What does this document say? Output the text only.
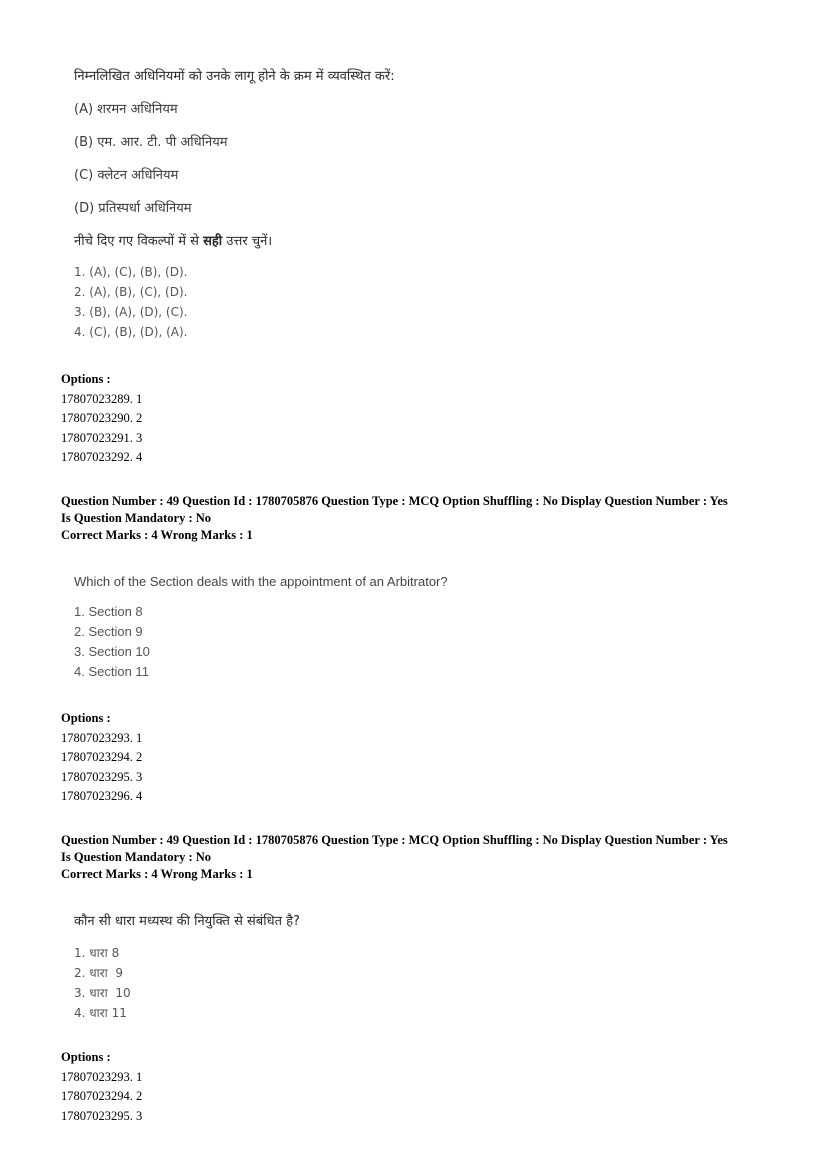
निम्नलिखित अधिनियमों को उनके लागू होने के क्रम में व्यवस्थित करें:
(A) शरमन अधिनियम
(B) एम. आर. टी. पी अधिनियम
(C) क्लेटन अधिनियम
(D) प्रतिस्पर्धा अधिनियम
नीचे दिए गए विकल्पों में से सही उत्तर चुनें।
1. (A), (C), (B), (D).
2. (A), (B), (C), (D).
3. (B), (A), (D), (C).
4. (C), (B), (D), (A).
Options :
17807023289. 1
17807023290. 2
17807023291. 3
17807023292. 4
Question Number : 49 Question Id : 1780705876 Question Type : MCQ Option Shuffling : No Display Question Number : Yes
Is Question Mandatory : No
Correct Marks : 4 Wrong Marks : 1
Which of the Section deals with the appointment of an Arbitrator?
1. Section 8
2. Section 9
3. Section 10
4. Section 11
Options :
17807023293. 1
17807023294. 2
17807023295. 3
17807023296. 4
Question Number : 49 Question Id : 1780705876 Question Type : MCQ Option Shuffling : No Display Question Number : Yes
Is Question Mandatory : No
Correct Marks : 4 Wrong Marks : 1
कौन सी धारा मध्यस्थ की नियुक्ति से संबंधित है?
1. धारा 8
2. धारा  9
3. धारा  10
4. धारा 11
Options :
17807023293. 1
17807023294. 2
17807023295. 3
